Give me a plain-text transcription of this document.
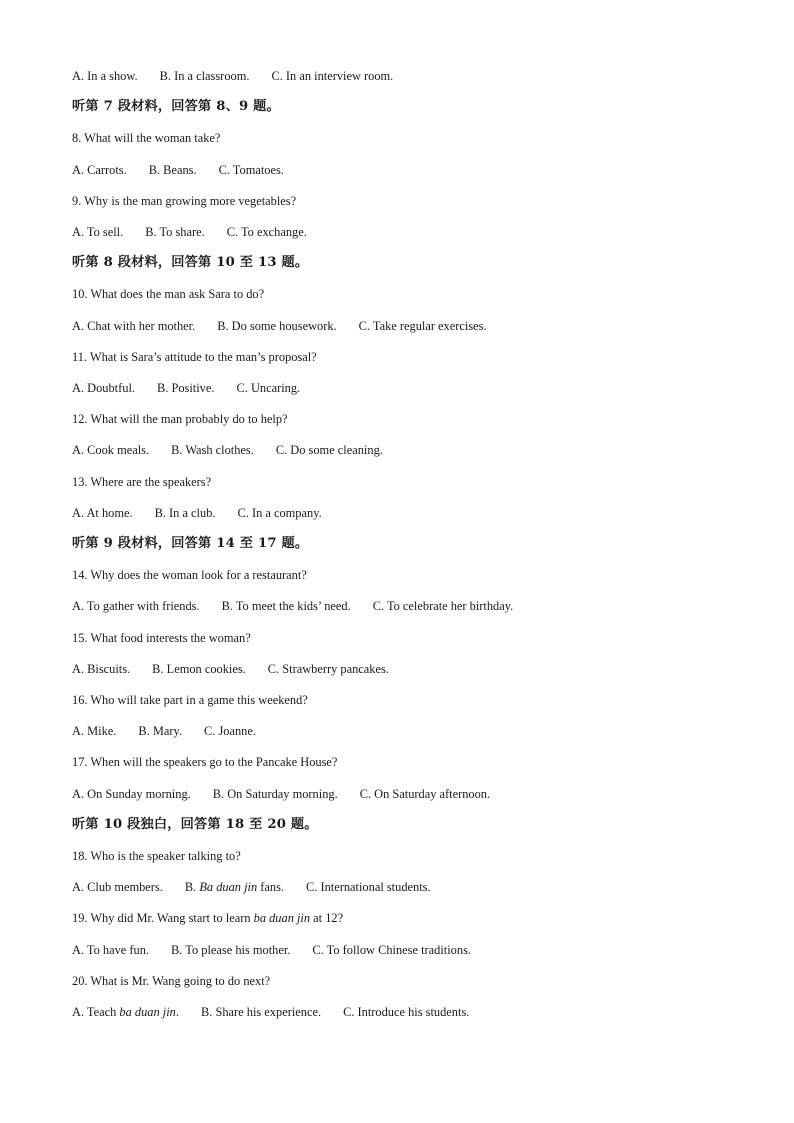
A. In a show. B. In a classroom. C. In an interview room.
听第 7 段材料，回答第 8、9 题。
8. What will the woman take?
A. Carrots. B. Beans. C. Tomatoes.
9. Why is the man growing more vegetables?
A. To sell. B. To share. C. To exchange.
听第 8 段材料，回答第 10 至 13 题。
10. What does the man ask Sara to do?
A. Chat with her mother. B. Do some housework. C. Take regular exercises.
11. What is Sara’s attitude to the man’s proposal?
A. Doubtful. B. Positive. C. Uncaring.
12. What will the man probably do to help?
A. Cook meals. B. Wash clothes. C. Do some cleaning.
13. Where are the speakers?
A. At home. B. In a club. C. In a company.
听第 9 段材料，回答第 14 至 17 题。
14. Why does the woman look for a restaurant?
A. To gather with friends. B. To meet the kids’ need. C. To celebrate her birthday.
15. What food interests the woman?
A. Biscuits. B. Lemon cookies. C. Strawberry pancakes.
16. Who will take part in a game this weekend?
A. Mike. B. Mary. C. Joanne.
17. When will the speakers go to the Pancake House?
A. On Sunday morning. B. On Saturday morning. C. On Saturday afternoon.
听第 10 段独白，回答第 18 至 20 题。
18. Who is the speaker talking to?
A. Club members. B. Ba duan jin fans. C. International students.
19. Why did Mr. Wang start to learn ba duan jin at 12?
A. To have fun. B. To please his mother. C. To follow Chinese traditions.
20. What is Mr. Wang going to do next?
A. Teach ba duan jin. B. Share his experience. C. Introduce his students.
